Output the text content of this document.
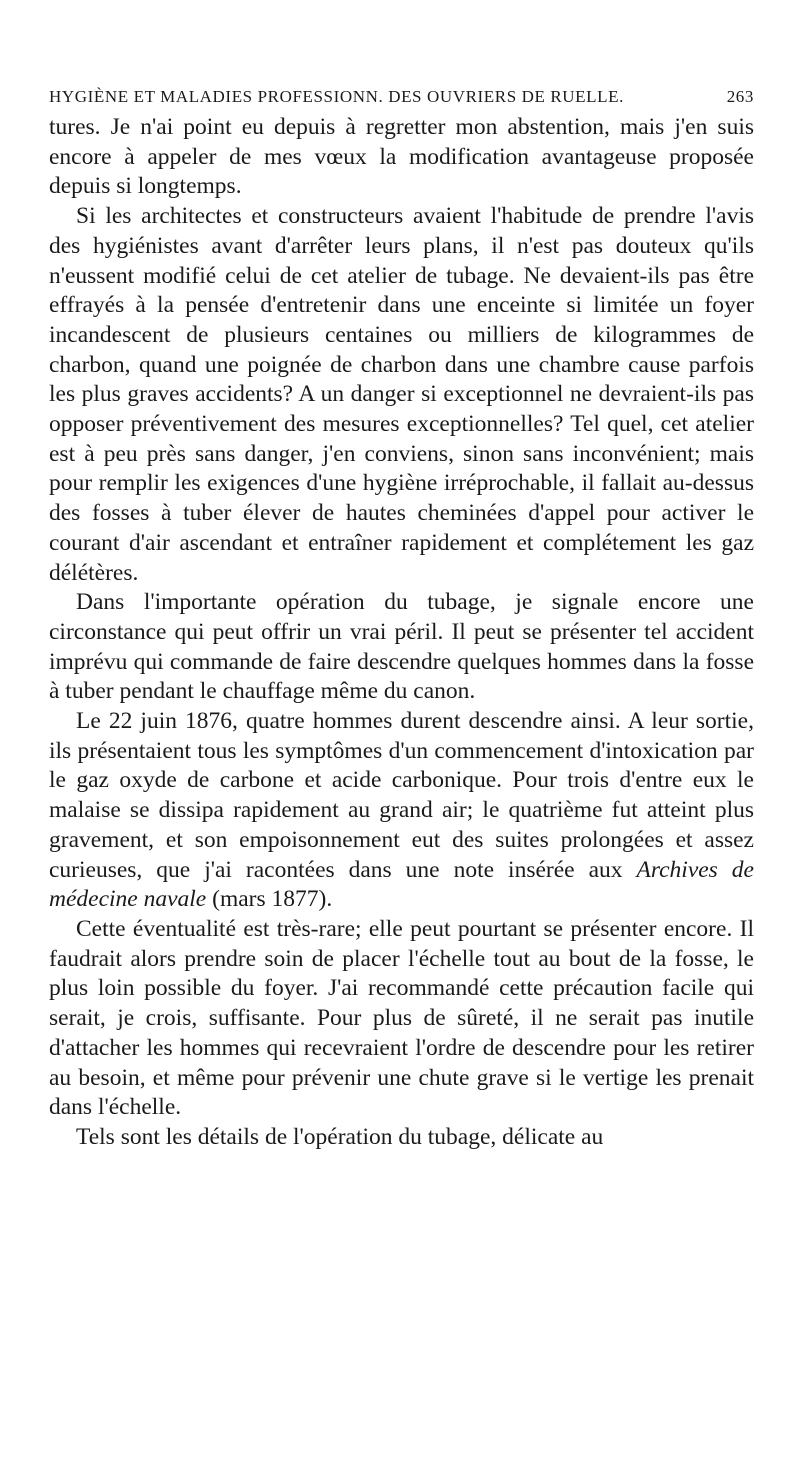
HYGIÈNE ET MALADIES PROFESSIONN. DES OUVRIERS DE RUELLE.	263

tures. Je n'ai point eu depuis à regretter mon abstention, mais j'en suis encore à appeler de mes vœux la modification avantageuse proposée depuis si longtemps.

Si les architectes et constructeurs avaient l'habitude de prendre l'avis des hygiénistes avant d'arrêter leurs plans, il n'est pas douteux qu'ils n'eussent modifié celui de cet atelier de tubage. Ne devaient-ils pas être effrayés à la pensée d'entretenir dans une enceinte si limitée un foyer incandescent de plusieurs centaines ou milliers de kilogrammes de charbon, quand une poignée de charbon dans une chambre cause parfois les plus graves accidents? A un danger si exceptionnel ne devraient-ils pas opposer préventivement des mesures exceptionnelles? Tel quel, cet atelier est à peu près sans danger, j'en conviens, sinon sans inconvénient; mais pour remplir les exigences d'une hygiène irréprochable, il fallait au-dessus des fosses à tuber élever de hautes cheminées d'appel pour activer le courant d'air ascendant et entraîner rapidement et complétement les gaz délétères.

Dans l'importante opération du tubage, je signale encore une circonstance qui peut offrir un vrai péril. Il peut se présenter tel accident imprévu qui commande de faire descendre quelques hommes dans la fosse à tuber pendant le chauffage même du canon.

Le 22 juin 1876, quatre hommes durent descendre ainsi. A leur sortie, ils présentaient tous les symptômes d'un commencement d'intoxication par le gaz oxyde de carbone et acide carbonique. Pour trois d'entre eux le malaise se dissipa rapidement au grand air; le quatrième fut atteint plus gravement, et son empoisonnement eut des suites prolongées et assez curieuses, que j'ai racontées dans une note insérée aux Archives de médecine navale (mars 1877).

Cette éventualité est très-rare; elle peut pourtant se présenter encore. Il faudrait alors prendre soin de placer l'échelle tout au bout de la fosse, le plus loin possible du foyer. J'ai recommandé cette précaution facile qui serait, je crois, suffisante. Pour plus de sûreté, il ne serait pas inutile d'attacher les hommes qui recevraient l'ordre de descendre pour les retirer au besoin, et même pour prévenir une chute grave si le vertige les prenait dans l'échelle.

Tels sont les détails de l'opération du tubage, délicate au
